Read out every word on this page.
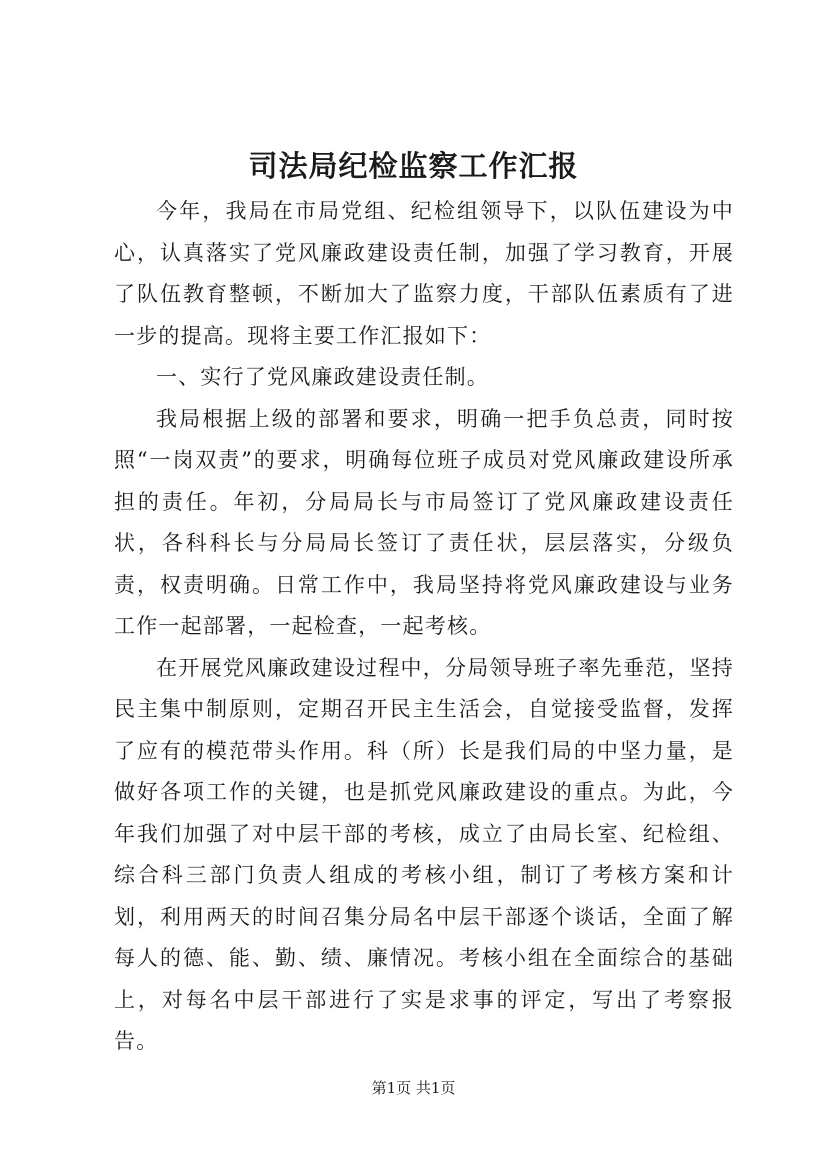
司法局纪检监察工作汇报

今年，我局在市局党组、纪检组领导下，以队伍建设为中心，认真落实了党风廉政建设责任制，加强了学习教育，开展了队伍教育整顿，不断加大了监察力度，干部队伍素质有了进一步的提高。现将主要工作汇报如下：

一、实行了党风廉政建设责任制。

我局根据上级的部署和要求，明确一把手负总责，同时按照“一岗双责”的要求，明确每位班子成员对党风廉政建设所承担的责任。年初，分局局长与市局签订了党风廉政建设责任状，各科科长与分局局长签订了责任状，层层落实，分级负责，权责明确。日常工作中，我局坚持将党风廉政建设与业务工作一起部署，一起检查，一起考核。

在开展党风廉政建设过程中，分局领导班子率先垂范，坚持民主集中制原则，定期召开民主生活会，自觉接受监督，发挥了应有的模范带头作用。科（所）长是我们局的中坚力量，是做好各项工作的关键，也是抓党风廉政建设的重点。为此，今年我们加强了对中层干部的考核，成立了由局长室、纪检组、综合科三部门负责人组成的考核小组，制订了考核方案和计划，利用两天的时间召集分局名中层干部逐个谈话，全面了解每人的德、能、勤、绩、廉情况。考核小组在全面综合的基础上，对每名中层干部进行了实是求事的评定，写出了考察报告。

第1页 共1页
